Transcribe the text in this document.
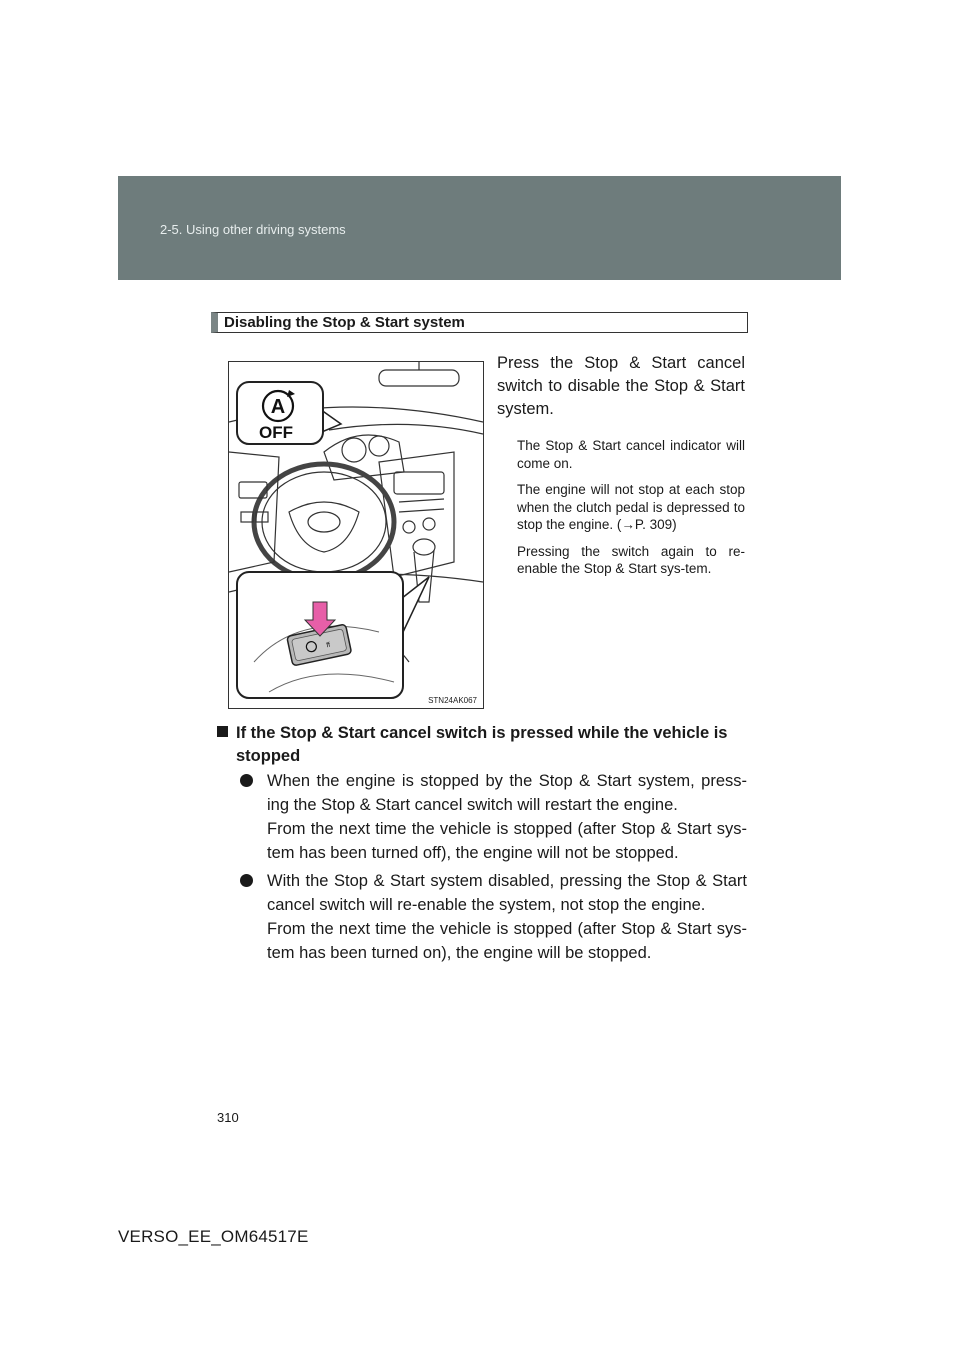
2-5. Using other driving systems
Disabling the Stop & Start system
A
OFF
ff
STN24AK067

Press the Stop & Start cancel switch to disable the Stop & Start system.

The Stop & Start cancel indicator will come on.

The engine will not stop at each stop when the clutch pedal is depressed to stop the engine. (→P. 309)

Pressing the switch again to re-enable the Stop & Start sys-tem.

If the Stop & Start cancel switch is pressed while the vehicle is
stopped
When the engine is stopped by the Stop & Start system, press-
ing the Stop & Start cancel switch will restart the engine.
From the next time the vehicle is stopped (after Stop & Start sys-
tem has been turned off), the engine will not be stopped.
With the Stop & Start system disabled, pressing the Stop & Start
cancel switch will re-enable the system, not stop the engine.
From the next time the vehicle is stopped (after Stop & Start sys-
tem has been turned on), the engine will be stopped.
310
VERSO_EE_OM64517E
